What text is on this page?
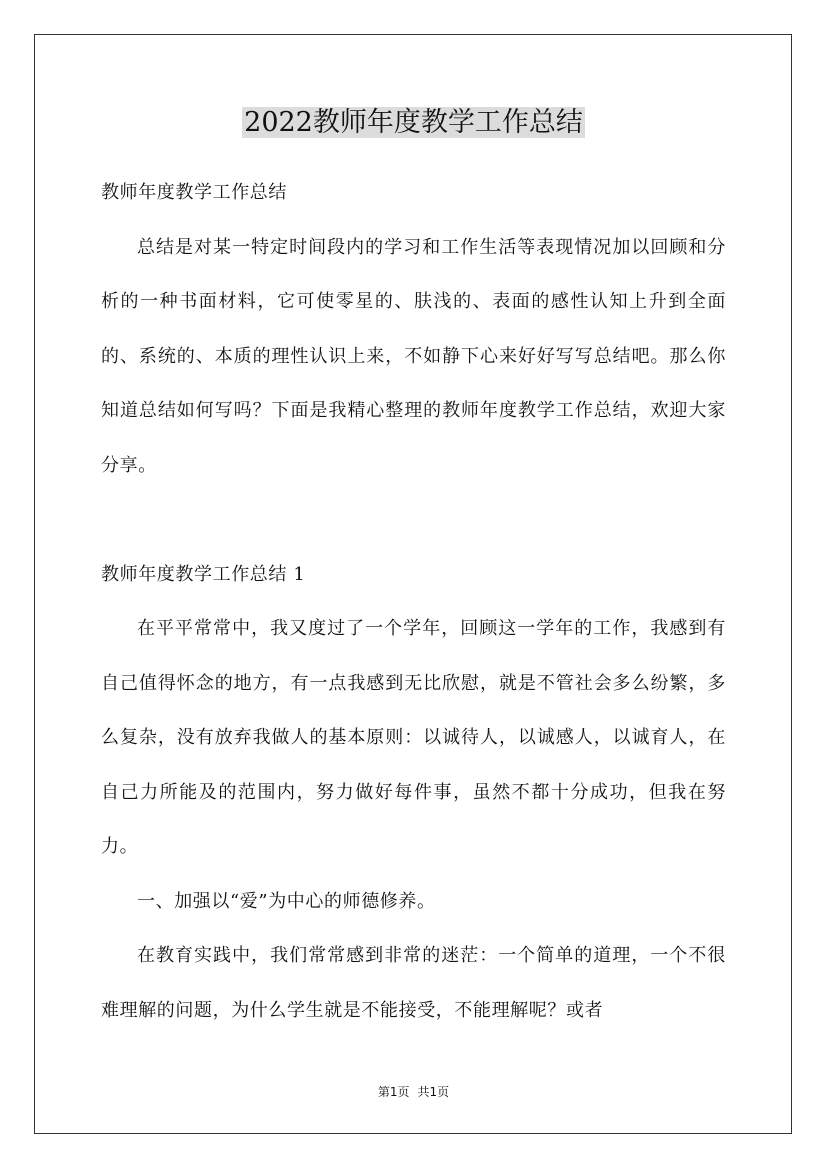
2022教师年度教学工作总结

教师年度教学工作总结

总结是对某一特定时间段内的学习和工作生活等表现情况加以回顾和分析的一种书面材料，它可使零星的、肤浅的、表面的感性认知上升到全面的、系统的、本质的理性认识上来，不如静下心来好好写写总结吧。那么你知道总结如何写吗？下面是我精心整理的教师年度教学工作总结，欢迎大家分享。

教师年度教学工作总结 1

在平平常常中，我又度过了一个学年，回顾这一学年的工作，我感到有自己值得怀念的地方，有一点我感到无比欣慰，就是不管社会多么纷繁，多么复杂，没有放弃我做人的基本原则：以诚待人，以诚感人，以诚育人，在自己力所能及的范围内，努力做好每件事，虽然不都十分成功，但我在努力。

一、加强以“爱”为中心的师德修养。

在教育实践中，我们常常感到非常的迷茫：一个简单的道理，一个不很难理解的问题，为什么学生就是不能接受，不能理解呢？或者

第1页 共1页
